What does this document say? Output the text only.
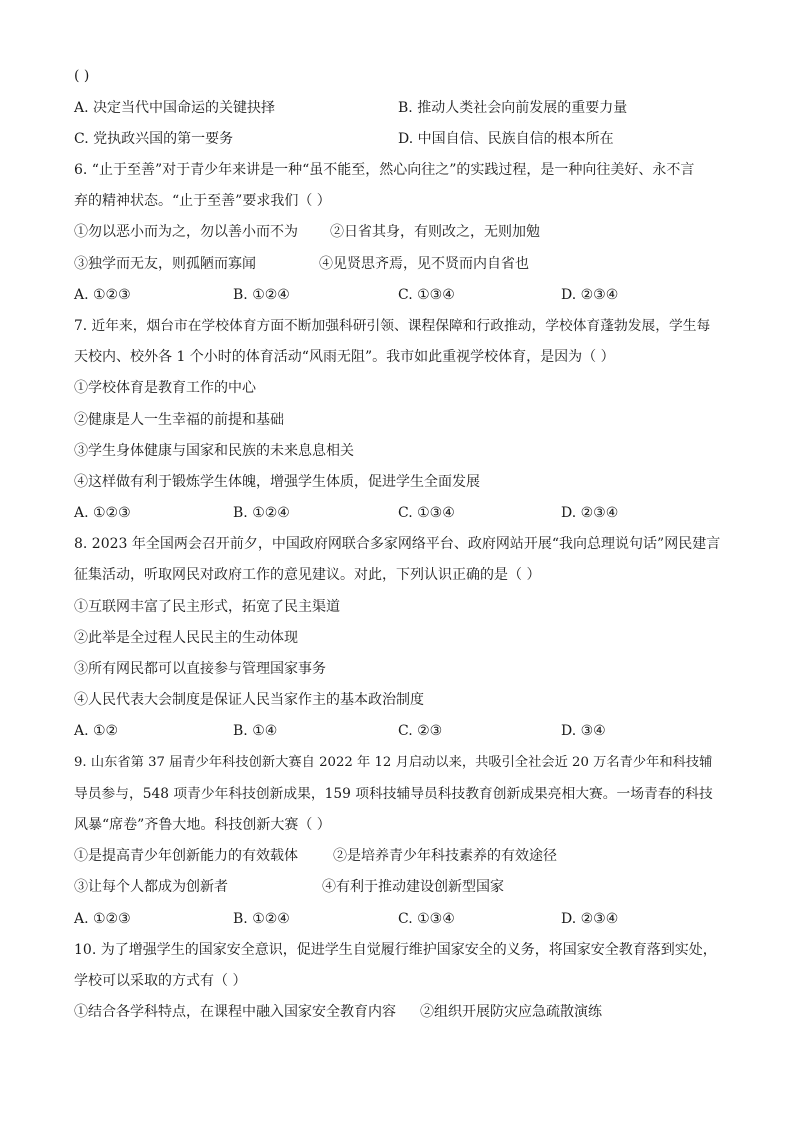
( )
A. 决定当代中国命运的关键抉择	B. 推动人类社会向前发展的重要力量
C. 党执政兴国的第一要务	D. 中国自信、民族自信的根本所在
6. “止于至善”对于青少年来讲是一种“虽不能至，然心向往之”的实践过程，是一种向往美好、永不言
弃的精神状态。“止于至善”要求我们（ ）
①勿以恶小而为之，勿以善小而不为 ②日省其身，有则改之，无则加勉
③独学而无友，则孤陋而寡闻	④见贤思齐焉，见不贤而内自省也
A. ①②③	B. ①②④	C. ①③④	D. ②③④
7. 近年来，烟台市在学校体育方面不断加强科研引领、课程保障和行政推动，学校体育蓬勃发展，学生每
天校内、校外各 1 个小时的体育活动“风雨无阻”。我市如此重视学校体育，是因为（ ）
①学校体育是教育工作的中心
②健康是人一生幸福的前提和基础
③学生身体健康与国家和民族的未来息息相关
④这样做有利于锻炼学生体魄，增强学生体质，促进学生全面发展
A. ①②③	B. ①②④	C. ①③④	D. ②③④
8. 2023 年全国两会召开前夕，中国政府网联合多家网络平台、政府网站开展“我向总理说句话”网民建言
征集活动，听取网民对政府工作的意见建议。对此，下列认识正确的是（ ）
①互联网丰富了民主形式，拓宽了民主渠道
②此举是全过程人民民主的生动体现
③所有网民都可以直接参与管理国家事务
④人民代表大会制度是保证人民当家作主的基本政治制度
A. ①②	B. ①④	C. ②③	D. ③④
9. 山东省第 37 届青少年科技创新大赛自 2022 年 12 月启动以来，共吸引全社会近 20 万名青少年和科技辅
导员参与，548 项青少年科技创新成果，159 项科技辅导员科技教育创新成果亮相大赛。一场青春的科技
风暴“席卷”齐鲁大地。科技创新大赛（ ）
①是提高青少年创新能力的有效载体	②是培养青少年科技素养的有效途径
③让每个人都成为创新者	④有利于推动建设创新型国家
A. ①②③	B. ①②④	C. ①③④	D. ②③④
10. 为了增强学生的国家安全意识，促进学生自觉履行维护国家安全的义务，将国家安全教育落到实处，
学校可以采取的方式有（ ）
①结合各学科特点，在课程中融入国家安全教育内容 ②组织开展防灾应急疏散演练
